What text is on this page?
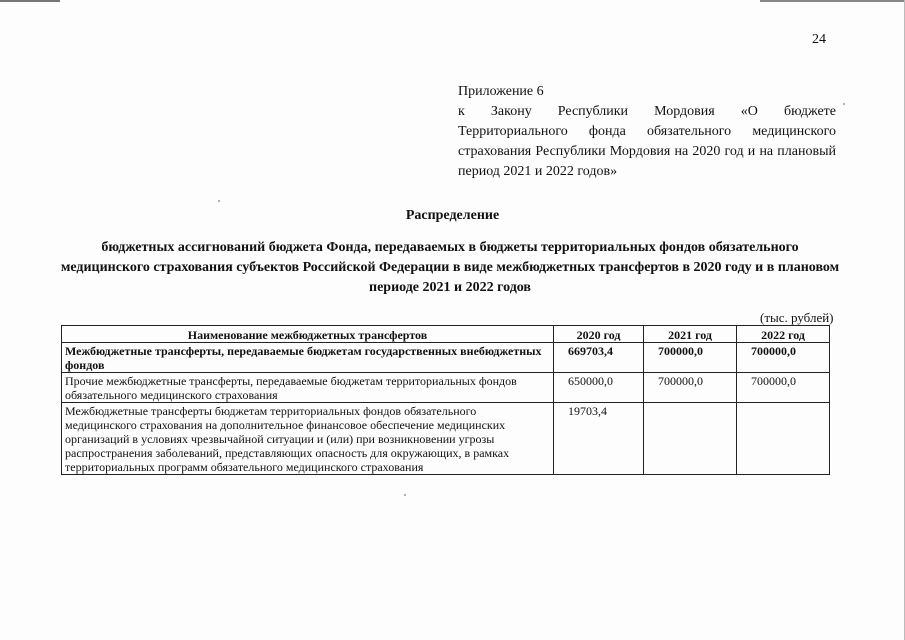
24
Приложение 6
к Закону Республики Мордовия «О бюджете Территориального фонда обязательного медицинского страхования Республики Мордовия на 2020 год и на плановый период 2021 и 2022 годов»
Распределение
бюджетных ассигнований бюджета Фонда, передаваемых в бюджеты территориальных фондов обязательного медицинского страхования субъектов Российской Федерации в виде межбюджетных трансфертов в 2020 году и в плановом периоде 2021 и 2022 годов
(тыс. рублей)
Наименование межбюджетных трансфертов	2020 год	2021 год	2022 год
Межбюджетные трансферты, передаваемые бюджетам государственных внебюджетных фондов	669703,4	700000,0	700000,0
Прочие межбюджетные трансферты, передаваемые бюджетам территориальных фондов обязательного медицинского страхования	650000,0	700000,0	700000,0
Межбюджетные трансферты бюджетам территориальных фондов обязательного медицинского страхования на дополнительное финансовое обеспечение медицинских организаций в условиях чрезвычайной ситуации и (или) при возникновении угрозы распространения заболеваний, представляющих опасность для окружающих, в рамках территориальных программ обязательного медицинского страхования	19703,4		
